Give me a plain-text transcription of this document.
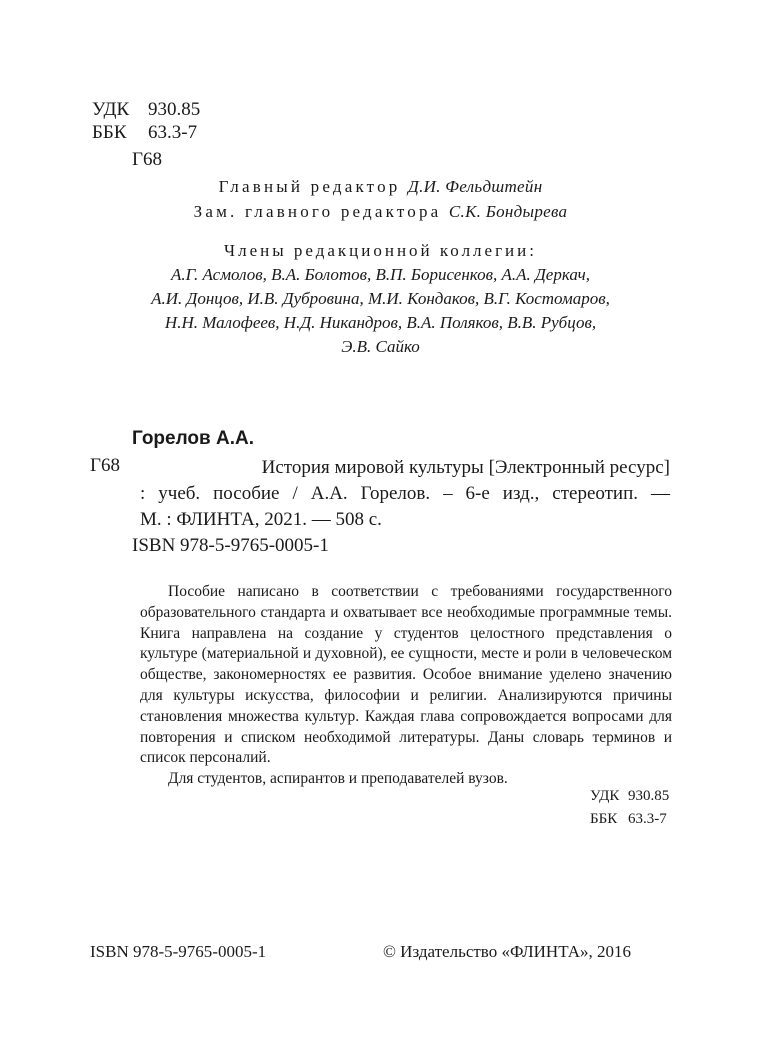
УДК 930.85
ББК 63.3-7
Г68
Главный редактор Д.И. Фельдштейн
Зам. главного редактора С.К. Бондырева
Члены редакционной коллегии:
А.Г. Асмолов, В.А. Болотов, В.П. Борисенков, А.А. Деркач,
А.И. Донцов, И.В. Дубровина, М.И. Кондаков, В.Г. Костомаров,
Н.Н. Малофеев, Н.Д. Никандров, В.А. Поляков, В.В. Рубцов,
Э.В. Сайко
Горелов А.А.
Г68	История мировой культуры [Электронный ресурс]
: учеб. пособие / А.А. Горелов. – 6-е изд., стереотип. —
М. : ФЛИНТА, 2021. — 508 с.
ISBN 978-5-9765-0005-1

Пособие написано в соответствии с требованиями государственного образовательного стандарта и охватывает все необходимые программные темы. Книга направлена на создание у студентов целостного представления о культуре (материальной и духовной), ее сущности, месте и роли в человеческом обществе, закономерностях ее развития. Особое внимание уделено значению для культуры искусства, философии и религии. Анализируются причины становления множества культур. Каждая глава сопровождается вопросами для повторения и списком необходимой литературы. Даны словарь терминов и список персоналий.

Для студентов, аспирантов и преподавателей вузов.

УДК 930.85
ББК 63.3-7
ISBN 978-5-9765-0005-1	© Издательство «ФЛИНТА», 2016
